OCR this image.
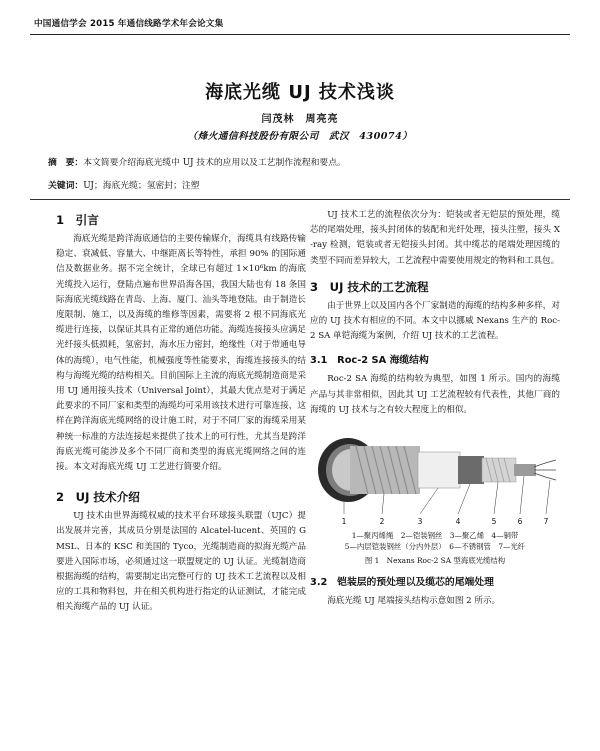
中国通信学会 2015 年通信线路学术年会论文集
海底光缆 UJ 技术浅谈
闫茂林　周亮亮
（烽火通信科技股份有限公司　武汉　430074）
摘　要：本文简要介绍海底光缆中 UJ 技术的应用以及工艺制作流程和要点。
关键词：UJ；海底光缆；氢密封；注塑
1　引言

海底光缆是跨洋海底通信的主要传输媒介，海缆具有线路传输稳定、衰减低、容量大、中继距离长等特性，承担 90% 的国际通信及数据业务。据不完全统计，全球已有超过 1×10⁶km 的海底光缆投入运行，登陆点遍布世界沿海各国，我国大陆也有 18 条国际海底光缆线路在青岛、上海、厦门、汕头等地登陆。由于制造长度限制、施工，以及海缆的维修等因素，需要将 2 根不同海底光缆进行连接，以保证其具有正常的通信功能。海缆连接接头应满足光纤接头低损耗，氢密封，海水压力密封，绝缘性（对于带通电导体的海缆），电气性能，机械强度等性能要求，海缆连接接头的结构与海缆光缆的结构相关。目前国际上主流的海底光缆制造商是采用 UJ 通用接头技术（Universal Joint），其最大优点是对于满足此要求的不同厂家和类型的海缆均可采用该技术进行可靠连接，这样在跨洋海底光缆网络的设计施工时，对于不同厂家的海缆采用某种统一标准的方法连接起来提供了技术上的可行性，尤其当是跨洋海底光缆可能涉及多个不同厂商和类型的海底光缆网络之间的连接。本文对海底光缆 UJ 工艺进行简要介绍。

2　UJ 技术介绍

UJ 技术由世界海缆权威的技术平台环球接头联盟（UJC）提出发展并完善，其成员分别是法国的 Alcatel-lucent、英国的 GMSL、日本的 KSC 和美国的 Tyco，光缆制造商的拟海光缆产品要进入国际市场，必须通过这一联盟规定的 UJ 认证。光缆制造商根据海缆的结构，需要制定出完整可行的 UJ 技术工艺流程以及相应的工具和物料包，并在相关机构进行指定的认证测试，才能完成相关海缆产品的 UJ 认证。

UJ 技术工艺的流程依次分为：铠装或者无铠层的预处理，缆芯的尾端处理，接头封闭体的装配和光纤处理，接头注塑，接头 X-ray 检测，铠装或者无铠接头封闭。其中缆芯的尾端处理因缆的类型不同而差异较大，工艺流程中需要使用规定的物料和工具包。

3　UJ 技术的工艺流程

由于世界上以及国内各个厂家制造的海缆的结构多种多样，对应的 UJ 技术有相应的不同。本文中以挪威 Nexans 生产的 Roc-2 SA 单铠海缆为案例，介绍 UJ 技术的工艺流程。

3.1　Roc-2 SA 海缆结构

Roc-2 SA 海缆的结构较为典型，如图 1 所示。国内的海缆产品与其非常相似，因此其 UJ 工艺流程较有代表性，其他厂商的海缆的 UJ 技术与之有较大程度上的相似。

1	2	3	4	5	6	7
1—聚丙烯绳　2—铠装钢丝　3—聚乙烯　4—铜带
5—内层铠装钢丝（分内外层）　6—不锈钢管　7—光纤
图 1　Nexans Roc-2 SA 型海底光缆结构
3.2　铠装层的预处理以及缆芯的尾端处理

海底光缆 UJ 尾端接头结构示意如图 2 所示。
